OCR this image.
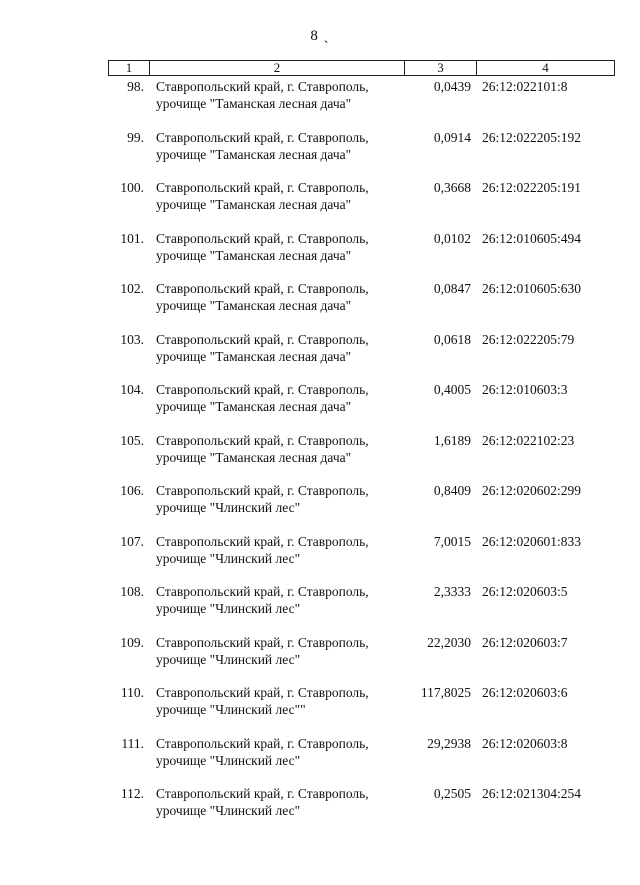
8 ˎ
1	2	3	4
98. Ставропольский край, г. Ставрополь,
урочище "Таманская лесная дача"
0,0439 26:12:022101:8
99. Ставропольский край, г. Ставрополь,
урочище "Таманская лесная дача"
0,0914 26:12:022205:192
100. Ставропольский край, г. Ставрополь,
урочище "Таманская лесная дача"
0,3668 26:12:022205:191
101. Ставропольский край, г. Ставрополь,
урочище "Таманская лесная дача"
0,0102 26:12:010605:494
102. Ставропольский край, г. Ставрополь,
урочище "Таманская лесная дача"
0,0847 26:12:010605:630
103. Ставропольский край, г. Ставрополь,
урочище "Таманская лесная дача"
0,0618 26:12:022205:79
104. Ставропольский край, г. Ставрополь,
урочище "Таманская лесная дача"
0,4005 26:12:010603:3
105. Ставропольский край, г. Ставрополь,
урочище "Таманская лесная дача"
1,6189 26:12:022102:23
106. Ставропольский край, г. Ставрополь,
урочище "Члинский лес"
0,8409 26:12:020602:299
107. Ставропольский край, г. Ставрополь,
урочище "Члинский лес"
7,0015 26:12:020601:833
108. Ставропольский край, г. Ставрополь,
урочище "Члинский лес"
2,3333 26:12:020603:5
109. Ставропольский край, г. Ставрополь,
урочище "Члинский лес"
22,2030 26:12:020603:7
110. Ставропольский край, г. Ставрополь,
урочище "Члинский лес""
117,8025 26:12:020603:6
111. Ставропольский край, г. Ставрополь,
урочище "Члинский лес"
29,2938 26:12:020603:8
112. Ставропольский край, г. Ставрополь,
урочище "Члинский лес"
0,2505 26:12:021304:254
